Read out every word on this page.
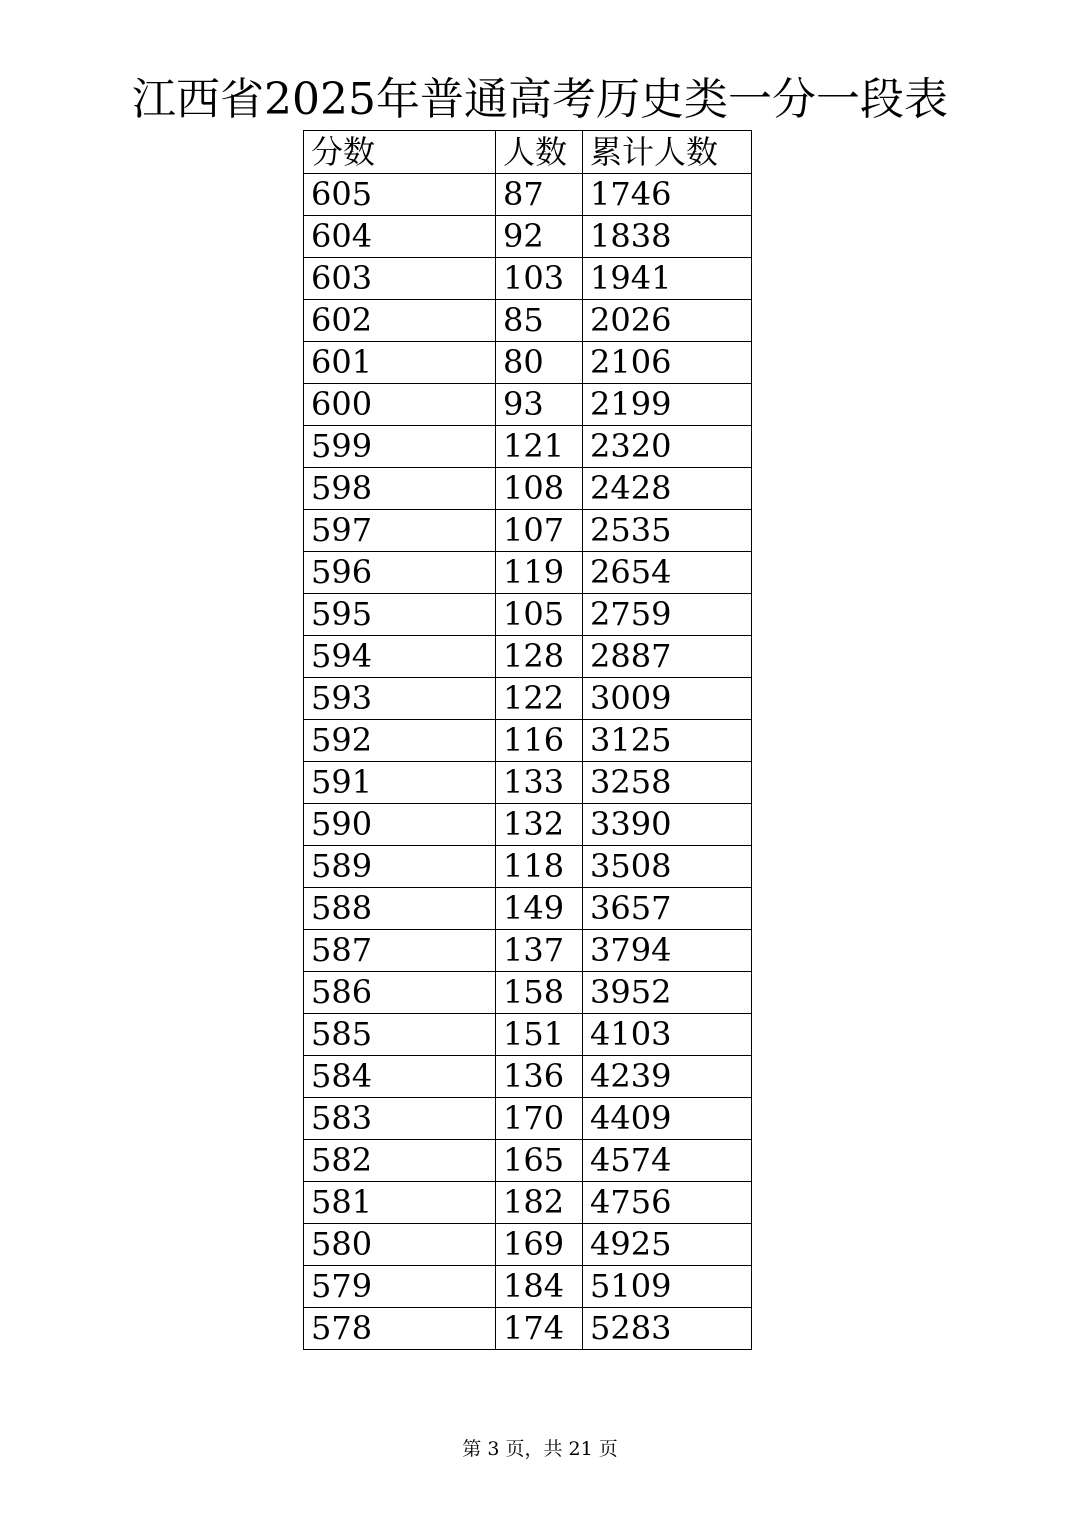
江西省2025年普通高考历史类一分一段表
分数	人数	累计人数
605	87	1746
604	92	1838
603	103	1941
602	85	2026
601	80	2106
600	93	2199
599	121	2320
598	108	2428
597	107	2535
596	119	2654
595	105	2759
594	128	2887
593	122	3009
592	116	3125
591	133	3258
590	132	3390
589	118	3508
588	149	3657
587	137	3794
586	158	3952
585	151	4103
584	136	4239
583	170	4409
582	165	4574
581	182	4756
580	169	4925
579	184	5109
578	174	5283
第 3 页，共 21 页
